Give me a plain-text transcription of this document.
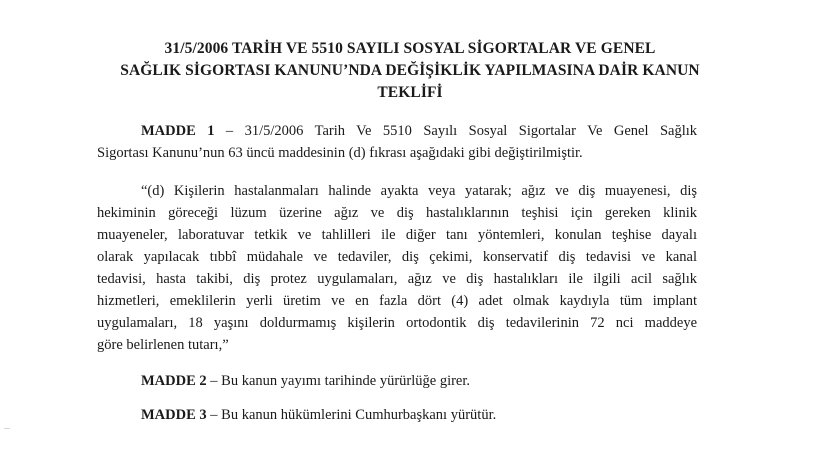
31/5/2006 TARİH VE 5510 SAYILI SOSYAL SİGORTALAR VE GENEL
SAĞLIK SİGORTASI KANUNU’NDA DEĞİŞİKLİK YAPILMASINA DAİR KANUN
TEKLİFİ
MADDE 1 – 31/5/2006 Tarih Ve 5510 Sayılı Sosyal Sigortalar Ve Genel Sağlık
Sigortası Kanunu’nun 63 üncü maddesinin (d) fıkrası aşağıdaki gibi değiştirilmiştir.
“(d) Kişilerin hastalanmaları halinde ayakta veya yatarak; ağız ve diş muayenesi, diş
hekiminin göreceği lüzum üzerine ağız ve diş hastalıklarının teşhisi için gereken klinik
muayeneler, laboratuvar tetkik ve tahlilleri ile diğer tanı yöntemleri, konulan teşhise dayalı
olarak yapılacak tıbbî müdahale ve tedaviler, diş çekimi, konservatif diş tedavisi ve kanal
tedavisi, hasta takibi, diş protez uygulamaları, ağız ve diş hastalıkları ile ilgili acil sağlık
hizmetleri, emeklilerin yerli üretim ve en fazla dört (4) adet olmak kaydıyla tüm implant
uygulamaları, 18 yaşını doldurmamış kişilerin ortodontik diş tedavilerinin 72 nci maddeye
göre belirlenen tutarı,”
MADDE 2 – Bu kanun yayımı tarihinde yürürlüğe girer.
MADDE 3 – Bu kanun hükümlerini Cumhurbaşkanı yürütür.
